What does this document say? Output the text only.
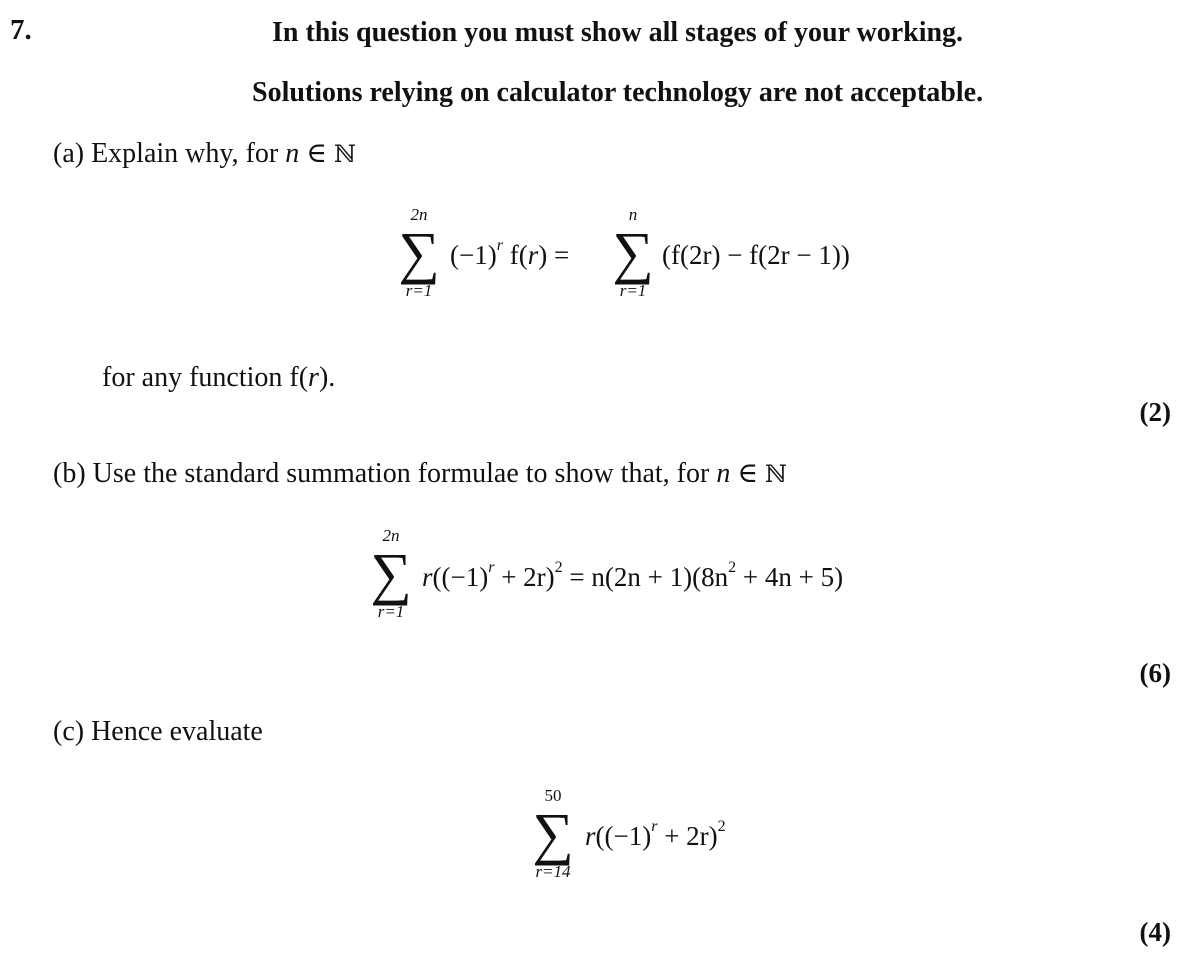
7.	In this question you must show all stages of your working.
Solutions relying on calculator technology are not acceptable.
(a) Explain why, for n ∈ ℕ
2n
∑
r=1
$(-1)^r$ f(r) =
n
∑
r=1
(f(2r) − f(2r − 1))
for any function f(r).
(2)
(b) Use the standard summation formulae to show that, for n ∈ ℕ
2n
∑
r=1
$r((-1)^r + 2r)^2 = n(2n + 1)(8n^2 + 4n + 5)$
(6)
(c) Hence evaluate
50
∑
r=14
$r((-1)^r + 2r)^2$
(4)
